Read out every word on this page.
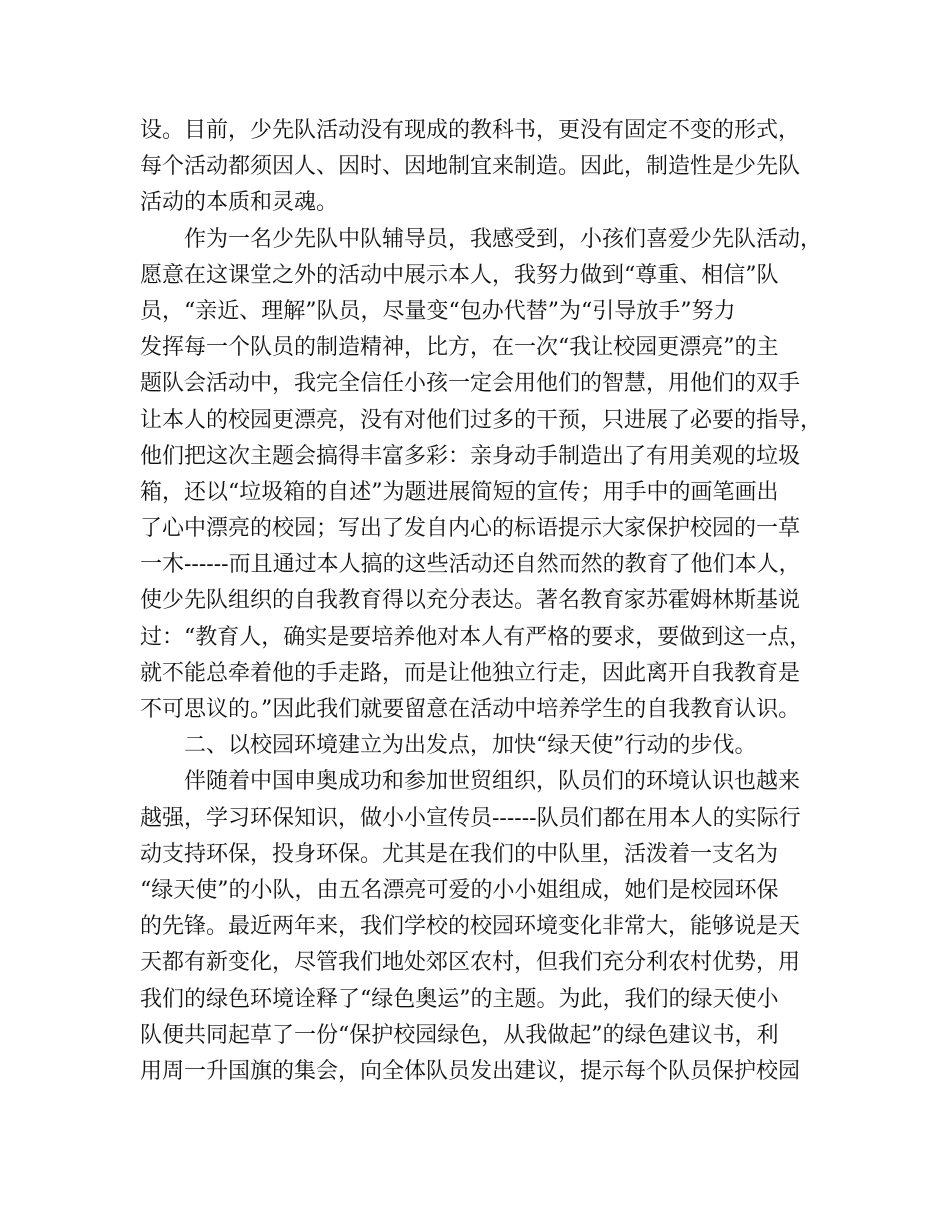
设。目前，少先队活动没有现成的教科书，更没有固定不变的形式，
每个活动都须因人、因时、因地制宜来制造。因此，制造性是少先队
活动的本质和灵魂。
作为一名少先队中队辅导员，我感受到，小孩们喜爱少先队活动，
愿意在这课堂之外的活动中展示本人，我努力做到“尊重、相信”队
员，“亲近、理解”队员，尽量变“包办代替”为“引导放手”努力
发挥每一个队员的制造精神，比方，在一次“我让校园更漂亮”的主
题队会活动中，我完全信任小孩一定会用他们的智慧，用他们的双手
让本人的校园更漂亮，没有对他们过多的干预，只进展了必要的指导，
他们把这次主题会搞得丰富多彩：亲身动手制造出了有用美观的垃圾
箱，还以“垃圾箱的自述”为题进展简短的宣传；用手中的画笔画出
了心中漂亮的校园；写出了发自内心的标语提示大家保护校园的一草
一木------而且通过本人搞的这些活动还自然而然的教育了他们本人，
使少先队组织的自我教育得以充分表达。著名教育家苏霍姆林斯基说
过：“教育人，确实是要培养他对本人有严格的要求，要做到这一点，
就不能总牵着他的手走路，而是让他独立行走，因此离开自我教育是
不可思议的。”因此我们就要留意在活动中培养学生的自我教育认识。
二、以校园环境建立为出发点，加快“绿天使”行动的步伐。
伴随着中国申奥成功和参加世贸组织，队员们的环境认识也越来
越强，学习环保知识，做小小宣传员------队员们都在用本人的实际行
动支持环保，投身环保。尤其是在我们的中队里，活泼着一支名为
“绿天使”的小队，由五名漂亮可爱的小小姐组成，她们是校园环保
的先锋。最近两年来，我们学校的校园环境变化非常大，能够说是天
天都有新变化，尽管我们地处郊区农村，但我们充分利农村优势，用
我们的绿色环境诠释了“绿色奥运”的主题。为此，我们的绿天使小
队便共同起草了一份“保护校园绿色，从我做起”的绿色建议书，利
用周一升国旗的集会，向全体队员发出建议，提示每个队员保护校园
